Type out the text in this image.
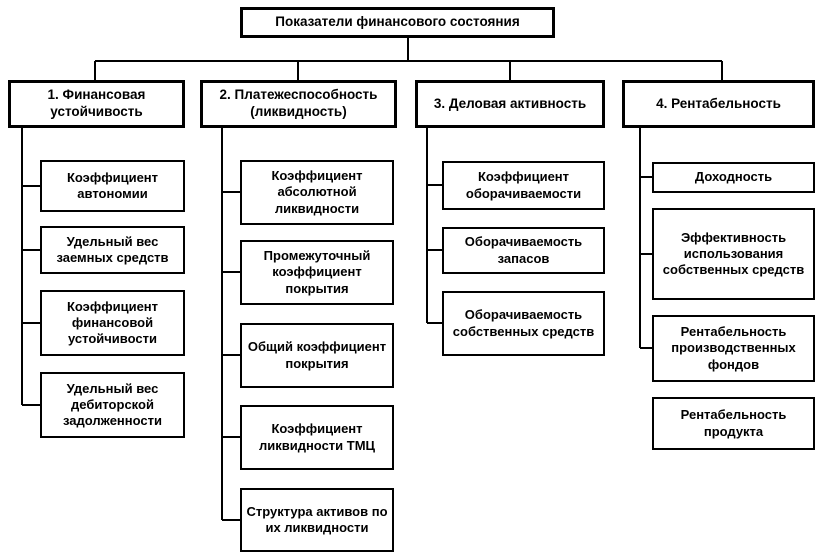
Показатели финансового состояния
1. Финансовая устойчивость
2. Платежеспособность (ликвидность)
3. Деловая активность	4. Рентабельность
Коэффициент автономии
Удельный вес заемных средств
Коэффициент финансовой устойчивости
Удельный вес дебиторской задолженности
Коэффициент абсолютной ликвидности
Промежуточный коэффициент покрытия
Общий коэффициент покрытия
Коэффициент ликвидности ТМЦ
Структура активов по их ликвидности
Коэффициент оборачиваемости
Оборачиваемость запасов
Оборачиваемость собственных средств
Доходность
Эффективность использования собственных средств
Рентабельность производственных фондов
Рентабельность продукта
